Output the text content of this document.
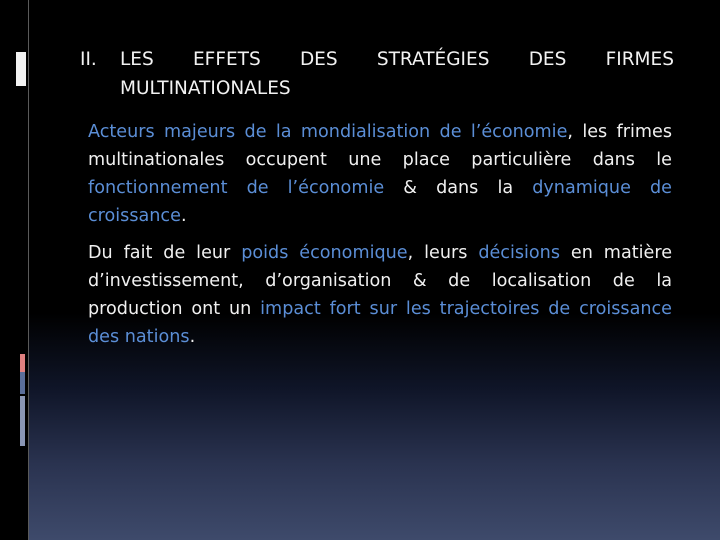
II.	LES EFFETS DES STRATÉGIES DES FIRMES
MULTINATIONALES

Acteurs majeurs de la mondialisation de l’économie, les frimes multinationales occupent une place particulière dans le fonctionnement de l’économie & dans la dynamique de croissance.

Du fait de leur poids économique, leurs décisions en matière d’investissement, d’organisation & de localisation de la production ont un impact fort sur les trajectoires de croissance des nations.
